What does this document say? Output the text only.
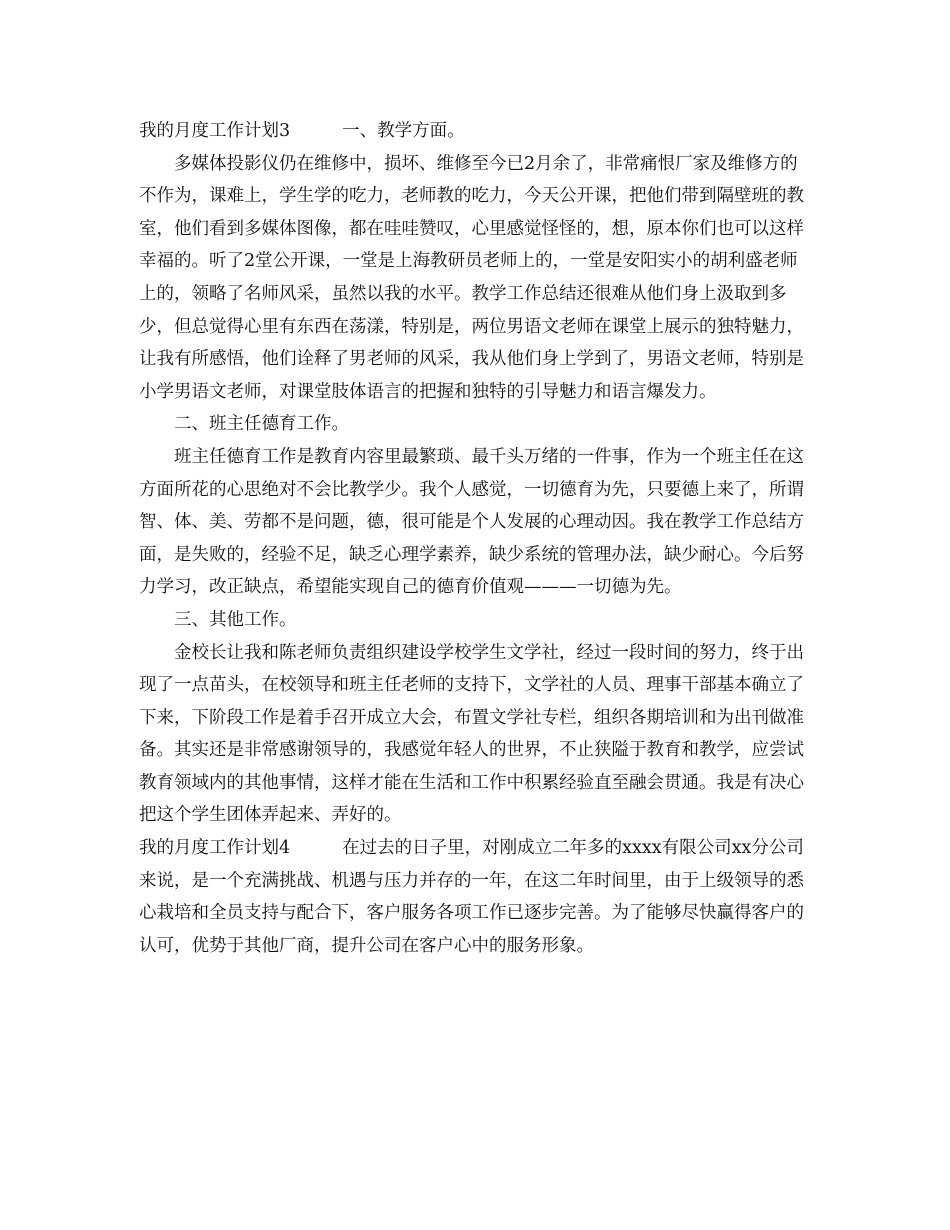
我的月度工作计划3	一、教学方面。

多媒体投影仪仍在维修中，损坏、维修至今已2月余了，非常痛恨厂家及维修方的不作为，课难上，学生学的吃力，老师教的吃力，今天公开课，把他们带到隔壁班的教室，他们看到多媒体图像，都在哇哇赞叹，心里感觉怪怪的，想，原本你们也可以这样幸福的。听了2堂公开课，一堂是上海教研员老师上的，一堂是安阳实小的胡利盛老师上的，领略了名师风采，虽然以我的水平。教学工作总结还很难从他们身上汲取到多少，但总觉得心里有东西在荡漾，特别是，两位男语文老师在课堂上展示的独特魅力，让我有所感悟，他们诠释了男老师的风采，我从他们身上学到了，男语文老师，特别是小学男语文老师，对课堂肢体语言的把握和独特的引导魅力和语言爆发力。

二、班主任德育工作。

班主任德育工作是教育内容里最繁琐、最千头万绪的一件事，作为一个班主任在这方面所花的心思绝对不会比教学少。我个人感觉，一切德育为先，只要德上来了，所谓智、体、美、劳都不是问题，德，很可能是个人发展的心理动因。我在教学工作总结方面，是失败的，经验不足，缺乏心理学素养，缺少系统的管理办法，缺少耐心。今后努力学习，改正缺点，希望能实现自己的德育价值观———一切德为先。

三、其他工作。

金校长让我和陈老师负责组织建设学校学生文学社，经过一段时间的努力，终于出现了一点苗头，在校领导和班主任老师的支持下，文学社的人员、理事干部基本确立了下来，下阶段工作是着手召开成立大会，布置文学社专栏，组织各期培训和为出刊做准备。其实还是非常感谢领导的，我感觉年轻人的世界，不止狭隘于教育和教学，应尝试教育领域内的其他事情，这样才能在生活和工作中积累经验直至融会贯通。我是有决心把这个学生团体弄起来、弄好的。

我的月度工作计划4	在过去的日子里，对刚成立二年多的xxxx有限公司xx分公司来说，是一个充满挑战、机遇与压力并存的一年，在这二年时间里，由于上级领导的悉心栽培和全员支持与配合下，客户服务各项工作已逐步完善。为了能够尽快赢得客户的认可，优势于其他厂商，提升公司在客户心中的服务形象。
